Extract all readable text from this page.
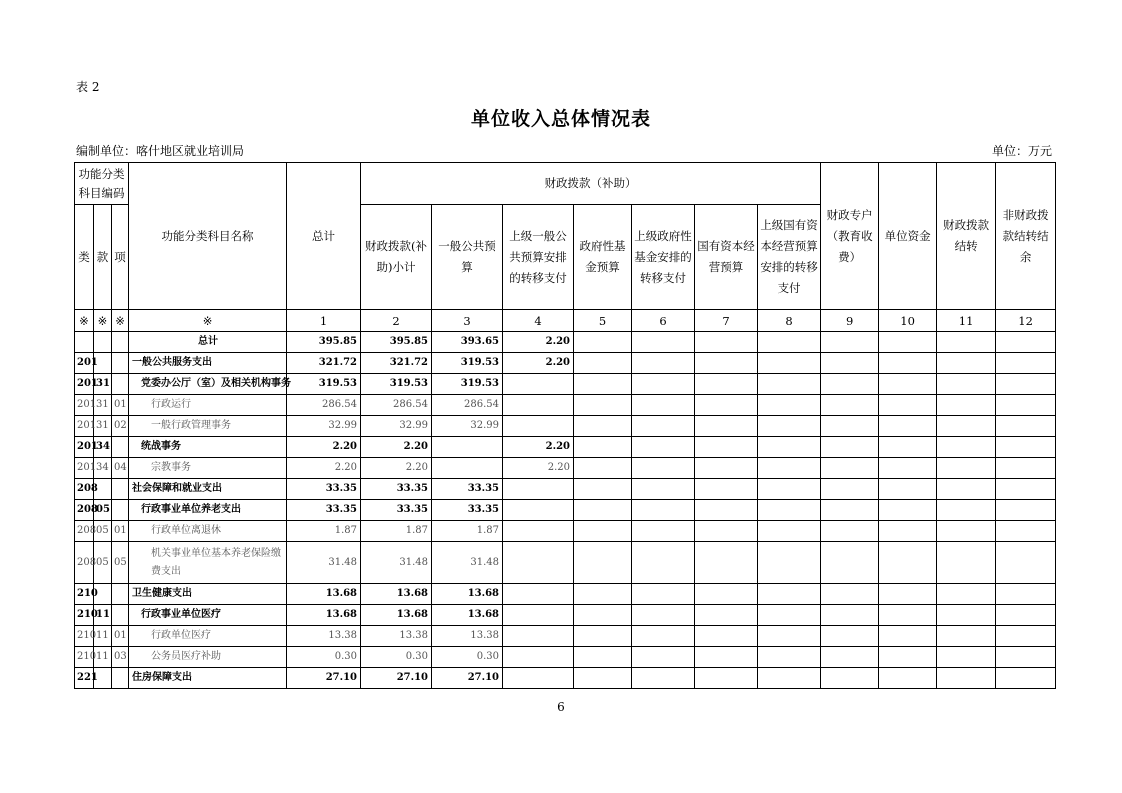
表 2
单位收入总体情况表
编制单位：喀什地区就业培训局	单位：万元
功能分类科目编码			功能分类科目名称	总计	财政拨款（补助）							财政专户（教育收费）	单位资金	财政拨款结转	非财政拨款结转结余
类	款	项			财政拨款(补助)小计	一般公共预算	上级一般公共预算安排的转移支付	政府性基金预算	上级政府性基金安排的转移支付	国有资本经营预算	上级国有资本经营预算安排的转移支付				
※	※	※	※	1	2	3	4	5	6	7	8	9	10	11	12
			总计	395.85	395.85	393.65	2.20								
201			一般公共服务支出	321.72	321.72	319.53	2.20								
201	31		党委办公厅（室）及相关机构事务	319.53	319.53	319.53									
201	31	01	行政运行	286.54	286.54	286.54									
201	31	02	一般行政管理事务	32.99	32.99	32.99									
201	34		统战事务	2.20	2.20		2.20								
201	34	04	宗教事务	2.20	2.20		2.20								
208			社会保障和就业支出	33.35	33.35	33.35									
208	05		行政事业单位养老支出	33.35	33.35	33.35									
208	05	01	行政单位离退休	1.87	1.87	1.87									
208	05	05	机关事业单位基本养老保险缴费支出	31.48	31.48	31.48									
210			卫生健康支出	13.68	13.68	13.68									
210	11		行政事业单位医疗	13.68	13.68	13.68									
210	11	01	行政单位医疗	13.38	13.38	13.38									
210	11	03	公务员医疗补助	0.30	0.30	0.30									
221			住房保障支出	27.10	27.10	27.10									
6
